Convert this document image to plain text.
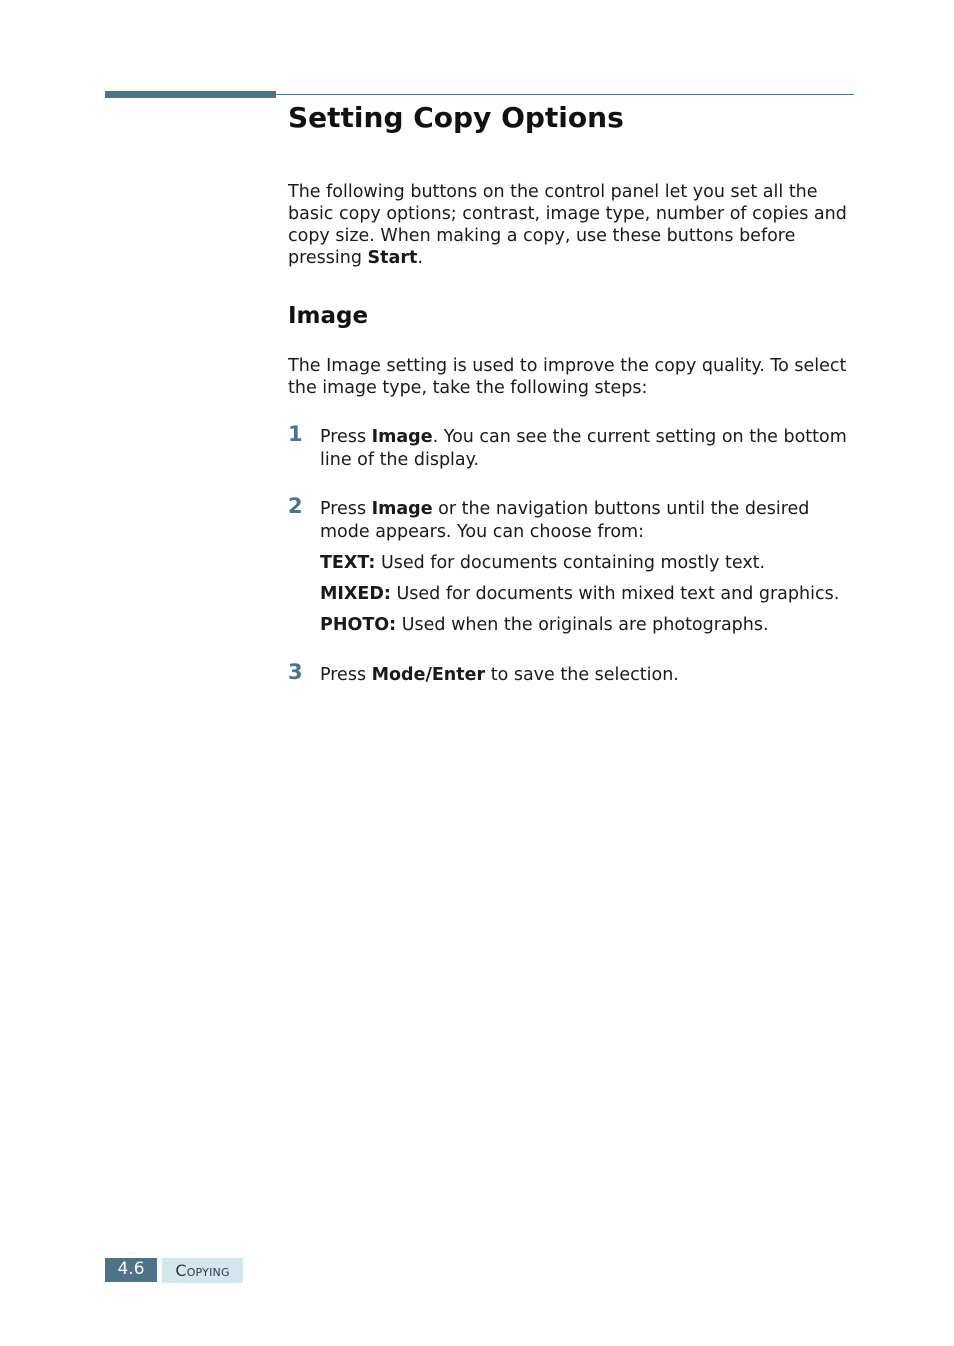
Setting Copy Options

The following buttons on the control panel let you set all the basic copy options; contrast, image type, number of copies and copy size. When making a copy, use these buttons before pressing Start.

Image

The Image setting is used to improve the copy quality. To select the image type, take the following steps:

1 Press Image. You can see the current setting on the bottom line of the display.

2 Press Image or the navigation buttons until the desired mode appears. You can choose from:

TEXT: Used for documents containing mostly text.

MIXED: Used for documents with mixed text and graphics.

PHOTO: Used when the originals are photographs.

3 Press Mode/Enter to save the selection.

4.6	Copying
